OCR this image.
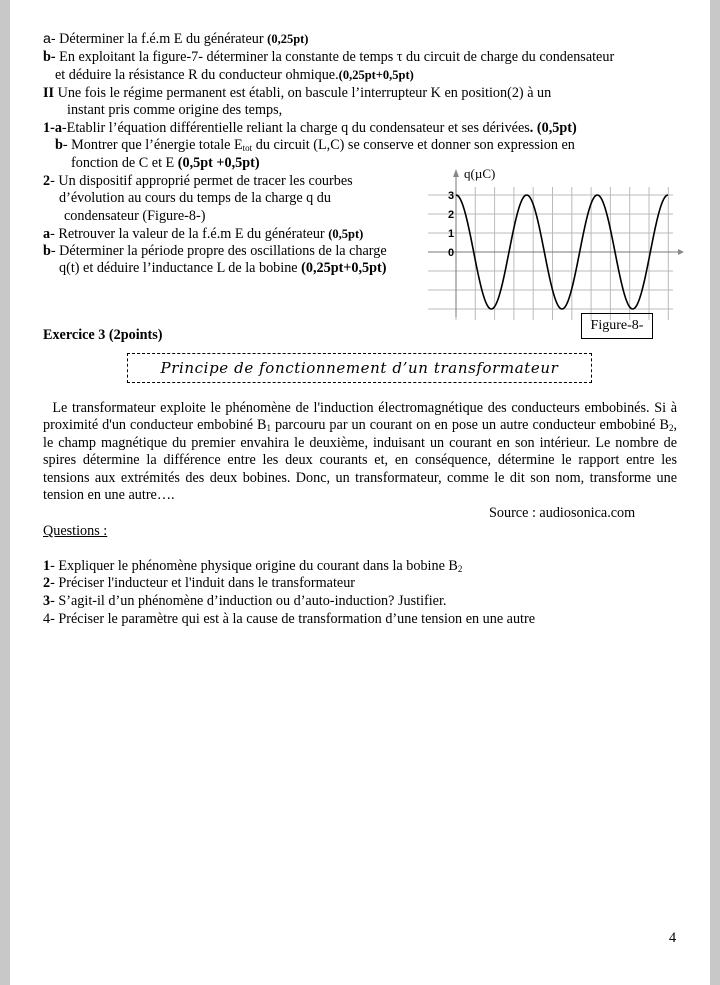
a- Déterminer la f.é.m E du générateur (0,25pt)
b- En exploitant la figure-7- déterminer la constante de temps τ du circuit de charge du condensateur
et déduire la résistance R du conducteur ohmique.(0,25pt+0,5pt)
II Une fois le régime permanent est établi, on bascule l’interrupteur K en position(2) à un
instant pris comme origine des temps,
1-a-Etablir l’équation différentielle reliant la charge q du condensateur et ses dérivées. (0,5pt)
b- Montrer que l’énergie totale $E_{tot}$ du circuit (L,C) se conserve et donner son expression en
fonction de C et E (0,5pt +0,5pt)
2- Un dispositif approprié permet de tracer les courbes
d’évolution au cours du temps de la charge q du
condensateur (Figure-8-)
a- Retrouver la valeur de la f.é.m E du générateur (0,5pt)
b- Déterminer la période propre des oscillations de la charge
q(t) et déduire l’inductance L de la bobine (0,25pt+0,5pt)
q(µC)
3
2
1
0
Figure-8-
Exercice 3 (2points)
Principe de fonctionnement d’un transformateur
Le transformateur exploite le phénomène de l'induction électromagnétique des conducteurs embobinés. Si à proximité d'un conducteur embobiné $B_1$ parcouru par un courant on en pose un autre conducteur embobiné $B_2$, le champ magnétique du premier envahira le deuxième, induisant un courant en son intérieur. Le nombre de spires détermine la différence entre les deux courants et, en conséquence, détermine le rapport entre les tensions aux extrémités des deux bobines. Donc, un transformateur, comme le dit son nom, transforme une tension en une autre….
Source : audiosonica.com
Questions :
1- Expliquer le phénomène physique origine du courant dans la bobine $B_2$
2- Préciser l'inducteur et l'induit dans le transformateur
3- S’agit-il d’un phénomène d’induction ou d’auto-induction? Justifier.
4- Préciser le paramètre qui est à la cause de transformation d’une tension en une autre
4
